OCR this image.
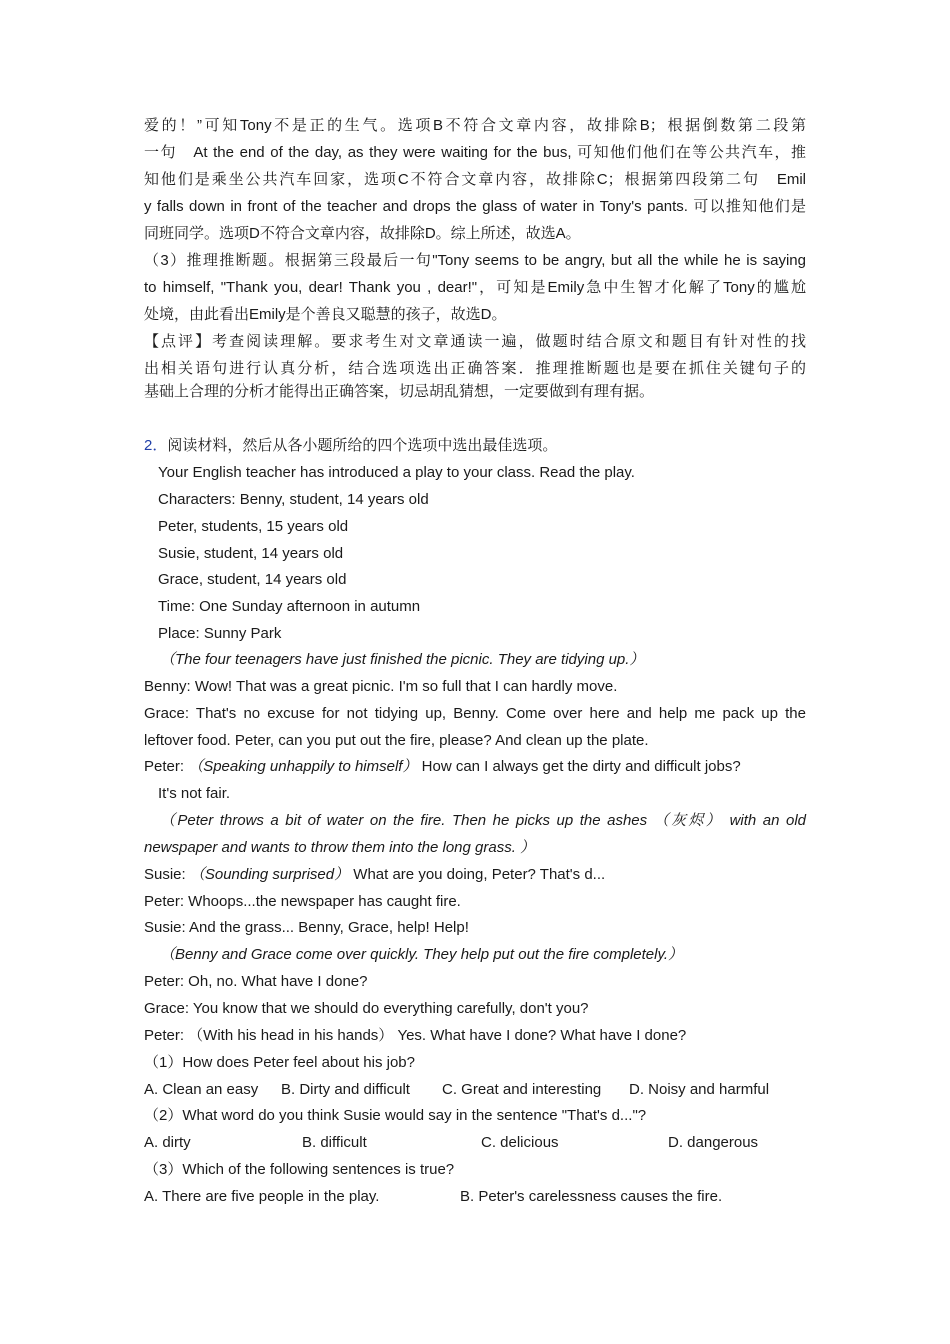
爱的！”可知Tony不是正的生气。选项B不符合文章内容，故排除B；根据倒数第二段第
一句　At the end of the day, as they were waiting for the bus, 可知他们他们在等公共汽车，推
知他们是乘坐公共汽车回家，选项C不符合文章内容，故排除C；根据第四段第二句　Emil
y falls down in front of the teacher and drops the glass of water in Tony's pants. 可以推知他们是
同班同学。选项D不符合文章内容，故排除D。综上所述，故选A。
（3）推理推断题。根据第三段最后一句"Tony seems to be angry, but all the while he is saying
to himself, "Thank you, dear! Thank you , dear!"，可知是Emily急中生智才化解了Tony的尴尬
处境，由此看出Emily是个善良又聪慧的孩子，故选D。
【点评】考查阅读理解。要求考生对文章通读一遍，做题时结合原文和题目有针对性的找
出相关语句进行认真分析，结合选项选出正确答案．推理推断题也是要在抓住关键句子的
基础上合理的分析才能得出正确答案，切忌胡乱猜想，一定要做到有理有据。
2．阅读材料，然后从各小题所给的四个选项中选出最佳选项。
Your English teacher has introduced a play to your class. Read the play.
Characters: Benny, student, 14 years old
Peter, students, 15 years old
Susie, student, 14 years old
Grace, student, 14 years old
Time: One Sunday afternoon in autumn
Place: Sunny Park
（The four teenagers have just finished the picnic. They are tidying up.）
Benny: Wow! That was a great picnic. I'm so full that I can hardly move.
Grace: That's no excuse for not tidying up, Benny. Come over here and help me pack up the
leftover food. Peter, can you put out the fire, please? And clean up the plate.
Peter: （Speaking unhappily to himself） How can I always get the dirty and difficult jobs?
It's not fair.
（Peter throws a bit of water on the fire. Then he picks up the ashes （灰烬） with an old
newspaper and wants to throw them into the long grass. ）
Susie: （Sounding surprised） What are you doing, Peter? That's d...
Peter: Whoops...the newspaper has caught fire.
Susie: And the grass... Benny, Grace, help! Help!
（Benny and Grace come over quickly. They help put out the fire completely.）
Peter: Oh, no. What have I done?
Grace: You know that we should do everything carefully, don't you?
Peter: （With his head in his hands） Yes. What have I done? What have I done?
（1）How does Peter feel about his job?
A. Clean an easy B. Dirty and difficult C. Great and interesting D. Noisy and harmful
（2）What word do you think Susie would say in the sentence "That's d..."?
A. dirty	B. difficult	C. delicious	D. dangerous
（3）Which of the following sentences is true?
A. There are five people in the play.	B. Peter's carelessness causes the fire.
